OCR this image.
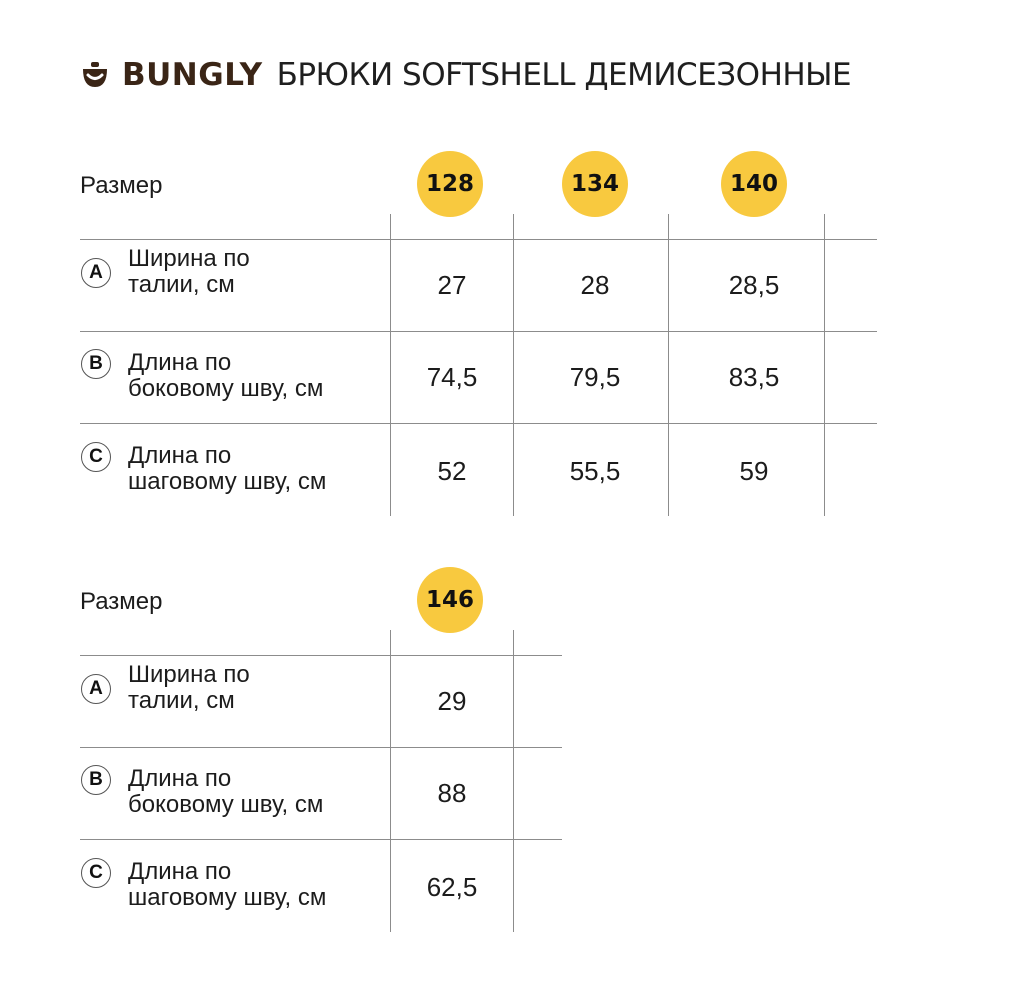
BUNGLY БРЮКИ SOFTSHELL ДЕМИСЕЗОННЫЕ
Размер	128	134	140
A
Ширина по
талии, см	27	28	28,5
B	Длина по
боковому шву, см	74,5	79,5	83,5
C	Длина по
шаговому шву, см	52	55,5	59
Размер	146
A
Ширина по
талии, см	29
B	Длина по
боковому шву, см	88
C	Длина по
шаговому шву, см	62,5
